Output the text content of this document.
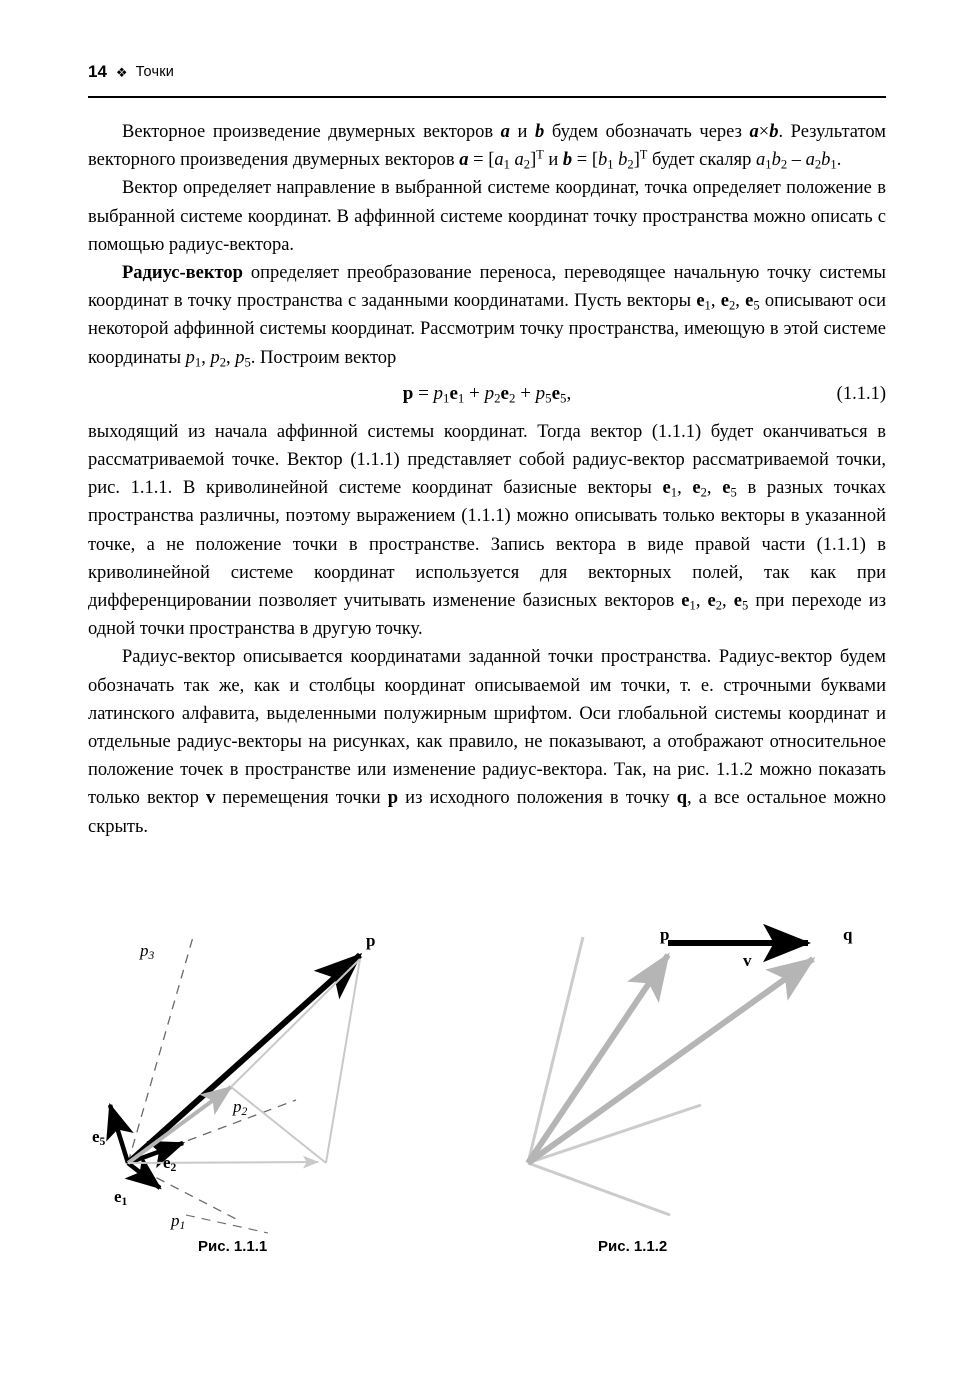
14 ❖ Точки

Векторное произведение двумерных векторов a и b будем обозначать через a×b. Результатом векторного произведения двумерных векторов $a = [a_1$ $a_2]^T$ и $b = [b_1$ $b_2]^T$ будет скаляр $a_1b_2 - a_2b_1$.

Вектор определяет направление в выбранной системе координат, точка определяет положение в выбранной системе координат. В аффинной системе координат точку пространства можно описать с помощью радиус-вектора.

Радиус-вектор определяет преобразование переноса, переводящее начальную точку системы координат в точку пространства с заданными координатами. Пусть векторы $e_1$, $e_2$, $e_5$ описывают оси некоторой аффинной системы координат. Рассмотрим точку пространства, имеющую в этой системе координаты $p_1$, $p_2$, $p_5$. Построим вектор

$p = p_1e_1 + p_2e_2 + p_5e_5$,	(1.1.1)

выходящий из начала аффинной системы координат. Тогда вектор (1.1.1) будет оканчиваться в рассматриваемой точке. Вектор (1.1.1) представляет собой радиус-вектор рассматриваемой точки, рис. 1.1.1. В криволинейной системе координат базисные векторы $e_1$, $e_2$, $e_5$ в разных точках пространства различны, поэтому выражением (1.1.1) можно описывать только векторы в указанной точке, а не положение точки в пространстве. Запись вектора в виде правой части (1.1.1) в криволинейной системе координат используется для векторных полей, так как при дифференцировании позволяет учитывать изменение базисных векторов $e_1$, $e_2$, $e_5$ при переходе из одной точки пространства в другую точку.

Радиус-вектор описывается координатами заданной точки пространства. Радиус-вектор будем обозначать так же, как и столбцы координат описываемой им точки, т. е. строчными буквами латинского алфавита, выделенными полужирным шрифтом. Оси глобальной системы координат и отдельные радиус-векторы на рисунках, как правило, не показывают, а отображают относительное положение точек в пространстве или изменение радиус-вектора. Так, на рис. 1.1.2 можно показать только вектор v перемещения точки p из исходного положения в точку q, а все остальное можно скрыть.

p
$p_3$
$p_2$
$p_1$
$e_5$
$e_2$
$e_1$
Рис. 1.1.1
p	q
v
Рис. 1.1.2
